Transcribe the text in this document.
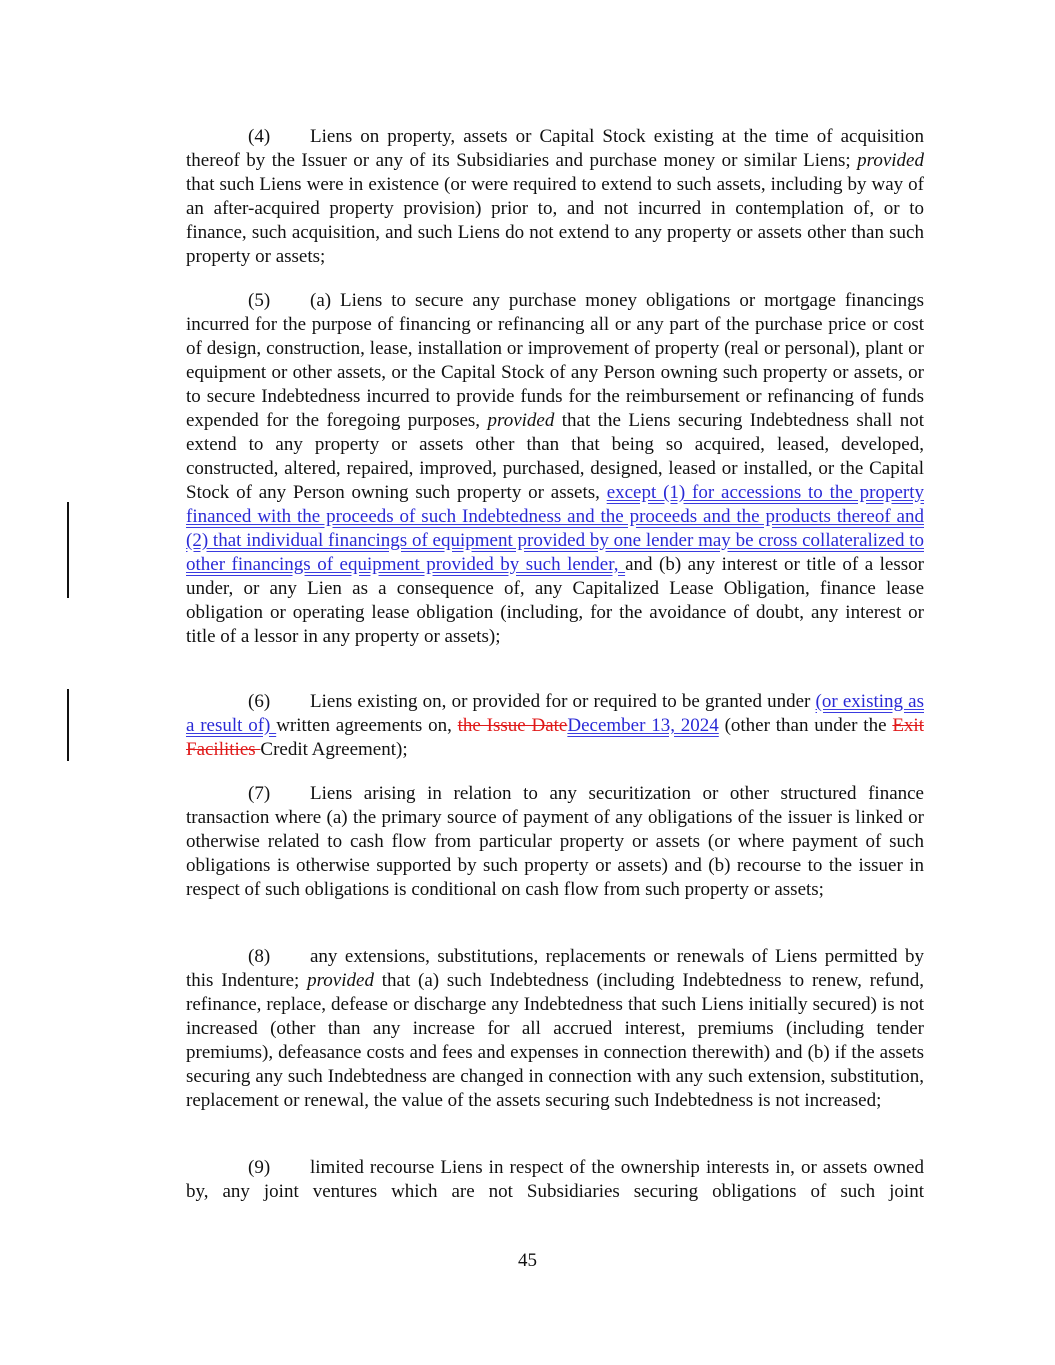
(4) Liens on property, assets or Capital Stock existing at the time of acquisition thereof by the Issuer or any of its Subsidiaries and purchase money or similar Liens; provided that such Liens were in existence (or were required to extend to such assets, including by way of an after-acquired property provision) prior to, and not incurred in contemplation of, or to finance, such acquisition, and such Liens do not extend to any property or assets other than such property or assets;

(5) (a) Liens to secure any purchase money obligations or mortgage financings incurred for the purpose of financing or refinancing all or any part of the purchase price or cost of design, construction, lease, installation or improvement of property (real or personal), plant or equipment or other assets, or the Capital Stock of any Person owning such property or assets, or to secure Indebtedness incurred to provide funds for the reimbursement or refinancing of funds expended for the foregoing purposes, provided that the Liens securing Indebtedness shall not extend to any property or assets other than that being so acquired, leased, developed, constructed, altered, repaired, improved, purchased, designed, leased or installed, or the Capital Stock of any Person owning such property or assets, except (1) for accessions to the property financed with the proceeds of such Indebtedness and the proceeds and the products thereof and (2) that individual financings of equipment provided by one lender may be cross collateralized to other financings of equipment provided by such lender, and (b) any interest or title of a lessor under, or any Lien as a consequence of, any Capitalized Lease Obligation, finance lease obligation or operating lease obligation (including, for the avoidance of doubt, any interest or title of a lessor in any property or assets);

(6) Liens existing on, or provided for or required to be granted under (or existing as a result of) written agreements on, the Issue DateDecember 13, 2024 (other than under the Exit Facilities Credit Agreement);

(7) Liens arising in relation to any securitization or other structured finance transaction where (a) the primary source of payment of any obligations of the issuer is linked or otherwise related to cash flow from particular property or assets (or where payment of such obligations is otherwise supported by such property or assets) and (b) recourse to the issuer in respect of such obligations is conditional on cash flow from such property or assets;

(8) any extensions, substitutions, replacements or renewals of Liens permitted by this Indenture; provided that (a) such Indebtedness (including Indebtedness to renew, refund, refinance, replace, defease or discharge any Indebtedness that such Liens initially secured) is not increased (other than any increase for all accrued interest, premiums (including tender premiums), defeasance costs and fees and expenses in connection therewith) and (b) if the assets securing any such Indebtedness are changed in connection with any such extension, substitution, replacement or renewal, the value of the assets securing such Indebtedness is not increased;

(9) limited recourse Liens in respect of the ownership interests in, or assets owned by, any joint ventures which are not Subsidiaries securing obligations of such joint

45
